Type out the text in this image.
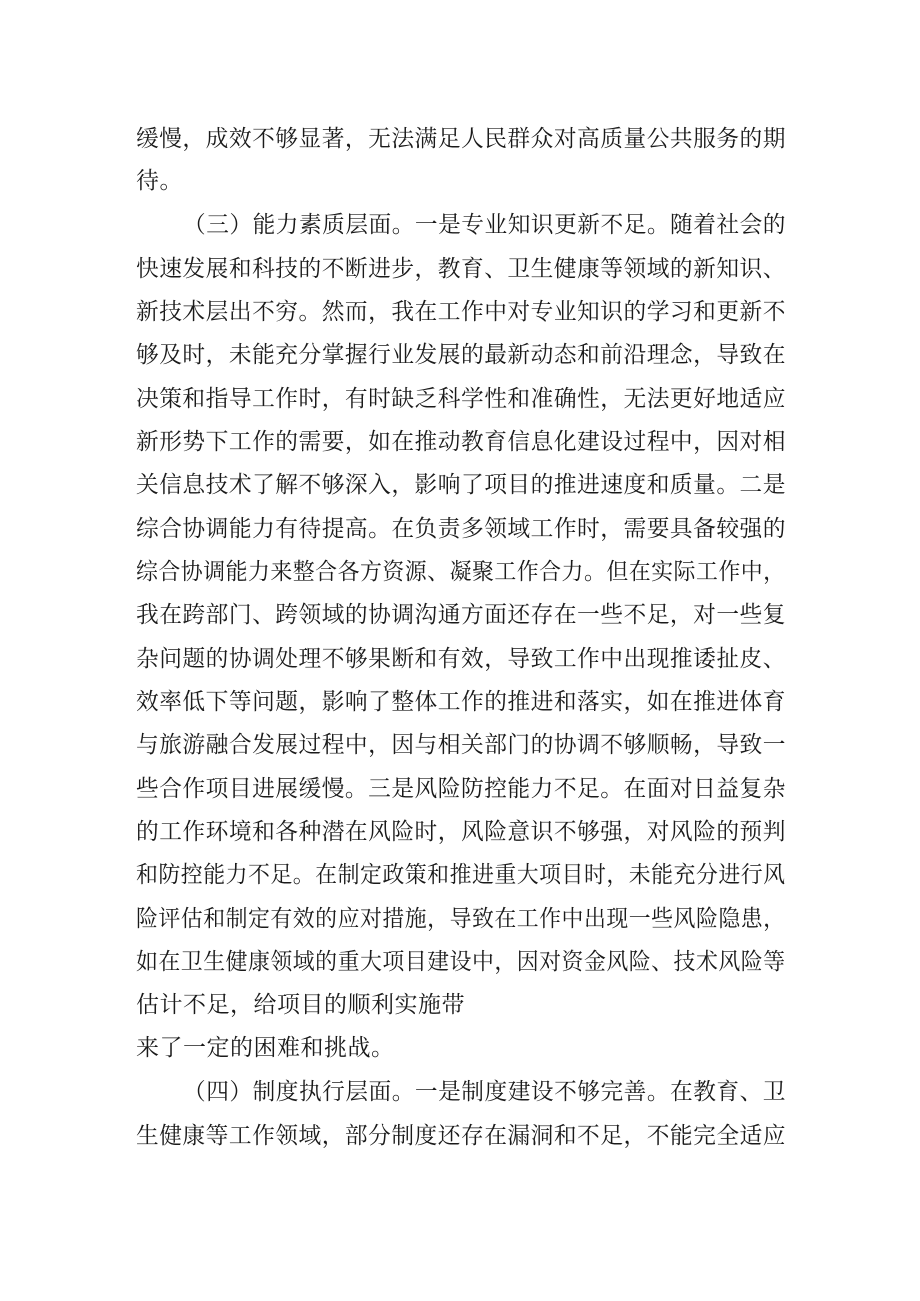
缓慢，成效不够显著，无法满足人民群众对高质量公共服务的期
待。
（三）能力素质层面。一是专业知识更新不足。随着社会的
快速发展和科技的不断进步，教育、卫生健康等领域的新知识、
新技术层出不穷。然而，我在工作中对专业知识的学习和更新不
够及时，未能充分掌握行业发展的最新动态和前沿理念，导致在
决策和指导工作时，有时缺乏科学性和准确性，无法更好地适应
新形势下工作的需要，如在推动教育信息化建设过程中，因对相
关信息技术了解不够深入，影响了项目的推进速度和质量。二是
综合协调能力有待提高。在负责多领域工作时，需要具备较强的
综合协调能力来整合各方资源、凝聚工作合力。但在实际工作中，
我在跨部门、跨领域的协调沟通方面还存在一些不足，对一些复
杂问题的协调处理不够果断和有效，导致工作中出现推诿扯皮、
效率低下等问题，影响了整体工作的推进和落实，如在推进体育
与旅游融合发展过程中，因与相关部门的协调不够顺畅，导致一
些合作项目进展缓慢。三是风险防控能力不足。在面对日益复杂
的工作环境和各种潜在风险时，风险意识不够强，对风险的预判
和防控能力不足。在制定政策和推进重大项目时，未能充分进行风
险评估和制定有效的应对措施，导致在工作中出现一些风险隐患，
如在卫生健康领域的重大项目建设中，因对资金风险、技术风险等
估计不足，给项目的顺利实施带
来了一定的困难和挑战。
（四）制度执行层面。一是制度建设不够完善。在教育、卫
生健康等工作领域，部分制度还存在漏洞和不足，不能完全适应
